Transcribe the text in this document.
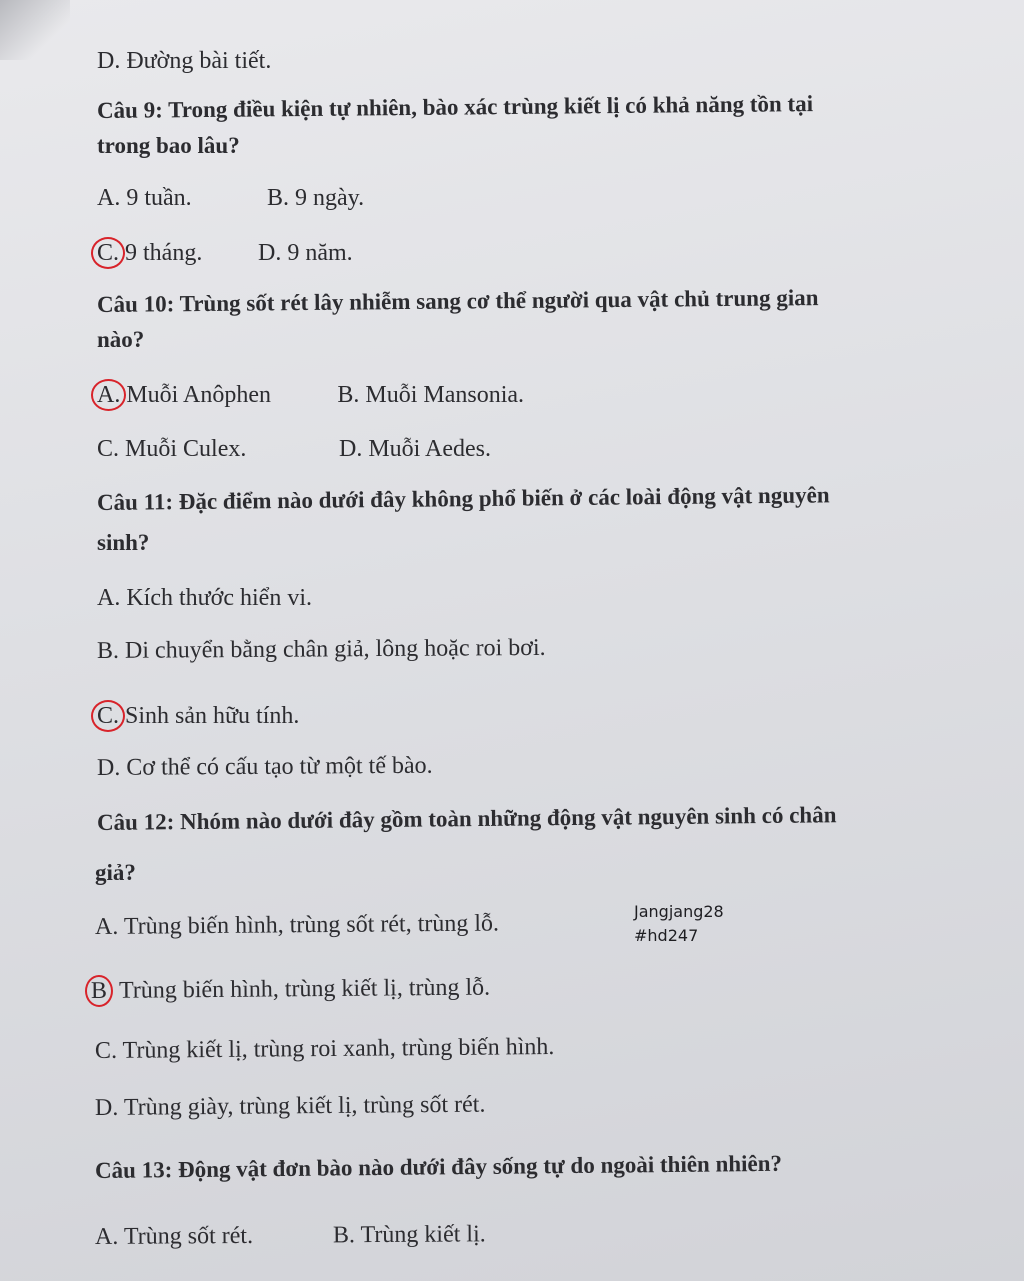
D. Đường bài tiết.
Câu 9: Trong điều kiện tự nhiên, bào xác trùng kiết lị có khả năng tồn tại
trong bao lâu?
A. 9 tuần.	B. 9 ngày.
C. 9 tháng. D. 9 năm.
Câu 10: Trùng sốt rét lây nhiễm sang cơ thể người qua vật chủ trung gian
nào?
A. Muỗi Anôphen	B. Muỗi Mansonia.
C. Muỗi Culex.	D. Muỗi Aedes.
Câu 11: Đặc điểm nào dưới đây không phổ biến ở các loài động vật nguyên
sinh?
A. Kích thước hiển vi.
B. Di chuyển bằng chân giả, lông hoặc roi bơi.
C. Sinh sản hữu tính.
D. Cơ thể có cấu tạo từ một tế bào.
Câu 12: Nhóm nào dưới đây gồm toàn những động vật nguyên sinh có chân
giả?
A. Trùng biến hình, trùng sốt rét, trùng lỗ.
B Trùng biến hình, trùng kiết lị, trùng lỗ.
C. Trùng kiết lị, trùng roi xanh, trùng biến hình.
D. Trùng giày, trùng kiết lị, trùng sốt rét.
Câu 13: Động vật đơn bào nào dưới đây sống tự do ngoài thiên nhiên?
A. Trùng sốt rét.	B. Trùng kiết lị.
Jangjang28
#hd247
